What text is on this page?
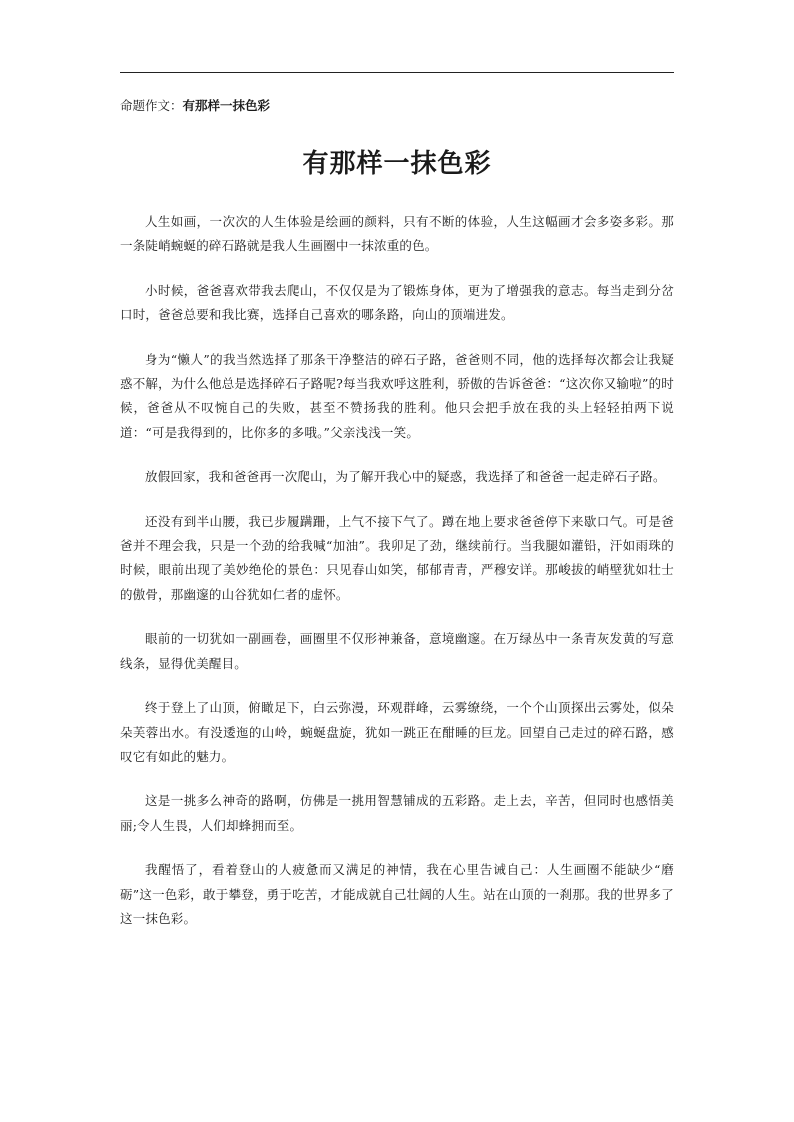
命题作文：有那样一抹色彩
有那样一抹色彩

人生如画，一次次的人生体验是绘画的颜料，只有不断的体验，人生这幅画才会多姿多彩。那一条陡峭蜿蜒的碎石路就是我人生画圈中一抹浓重的色。

小时候，爸爸喜欢带我去爬山，不仅仅是为了锻炼身体，更为了增强我的意志。每当走到分岔口时，爸爸总要和我比赛，选择自己喜欢的哪条路，向山的顶端进发。

身为“懒人”的我当然选择了那条干净整洁的碎石子路，爸爸则不同，他的选择每次都会让我疑惑不解，为什么他总是选择碎石子路呢?每当我欢呼这胜利，骄傲的告诉爸爸：“这次你又输啦”的时候，爸爸从不叹惋自己的失败，甚至不赞扬我的胜利。他只会把手放在我的头上轻轻拍两下说道：“可是我得到的，比你多的多哦。”父亲浅浅一笑。

放假回家，我和爸爸再一次爬山，为了解开我心中的疑惑，我选择了和爸爸一起走碎石子路。

还没有到半山腰，我已步履蹒跚，上气不接下气了。蹲在地上要求爸爸停下来歇口气。可是爸爸并不理会我，只是一个劲的给我喊“加油”。我卯足了劲，继续前行。当我腿如灌铅，汗如雨珠的时候，眼前出现了美妙绝伦的景色：只见春山如笑，郁郁青青，严穆安详。那峻拔的峭壁犹如壮士的傲骨，那幽邃的山谷犹如仁者的虚怀。

眼前的一切犹如一副画卷，画圈里不仅形神兼备，意境幽邃。在万绿丛中一条青灰发黄的写意线条，显得优美醒目。

终于登上了山顶，俯瞰足下，白云弥漫，环观群峰，云雾缭绕，一个个山顶探出云雾处，似朵朵芙蓉出水。有没逶迤的山岭，蜿蜒盘旋，犹如一跳正在酣睡的巨龙。回望自己走过的碎石路，感叹它有如此的魅力。

这是一挑多么神奇的路啊，仿佛是一挑用智慧铺成的五彩路。走上去，辛苦，但同时也感悟美丽;令人生畏，人们却蜂拥而至。

我醒悟了，看着登山的人疲惫而又满足的神情，我在心里告诫自己：人生画圈不能缺少“磨砺”这一色彩，敢于攀登，勇于吃苦，才能成就自己壮阔的人生。站在山顶的一刹那。我的世界多了这一抹色彩。
